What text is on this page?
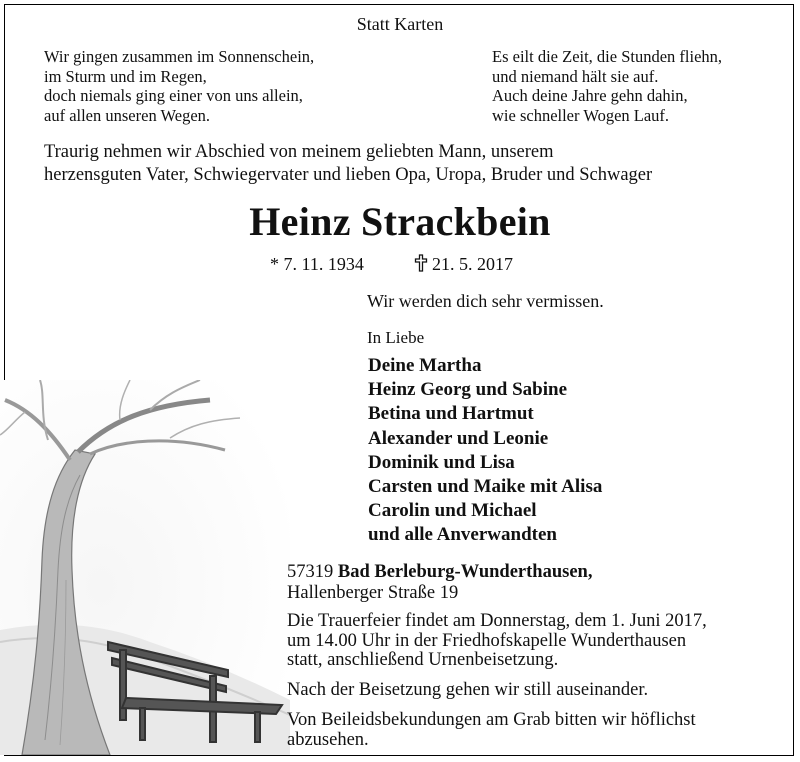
Statt Karten
Wir gingen zusammen im Sonnenschein,
im Sturm und im Regen,
doch niemals ging einer von uns allein,
auf allen unseren Wegen.
Es eilt die Zeit, die Stunden fliehn,
und niemand hält sie auf.
Auch deine Jahre gehn dahin,
wie schneller Wogen Lauf.
Traurig nehmen wir Abschied von meinem geliebten Mann, unserem
herzensguten Vater, Schwiegervater und lieben Opa, Uropa, Bruder und Schwager
Heinz Strackbein
* 7. 11. 1934	21. 5. 2017
Wir werden dich sehr vermissen.
In Liebe
Deine Martha
Heinz Georg und Sabine
Betina und Hartmut
Alexander und Leonie
Dominik und Lisa
Carsten und Maike mit Alisa
Carolin und Michael
und alle Anverwandten
57319 Bad Berleburg-Wunderthausen,
Hallenberger Straße 19
Die Trauerfeier findet am Donnerstag, dem 1. Juni 2017,
um 14.00 Uhr in der Friedhofskapelle Wunderthausen
statt, anschließend Urnenbeisetzung.
Nach der Beisetzung gehen wir still auseinander.
Von Beileidsbekundungen am Grab bitten wir höflichst
abzusehen.
